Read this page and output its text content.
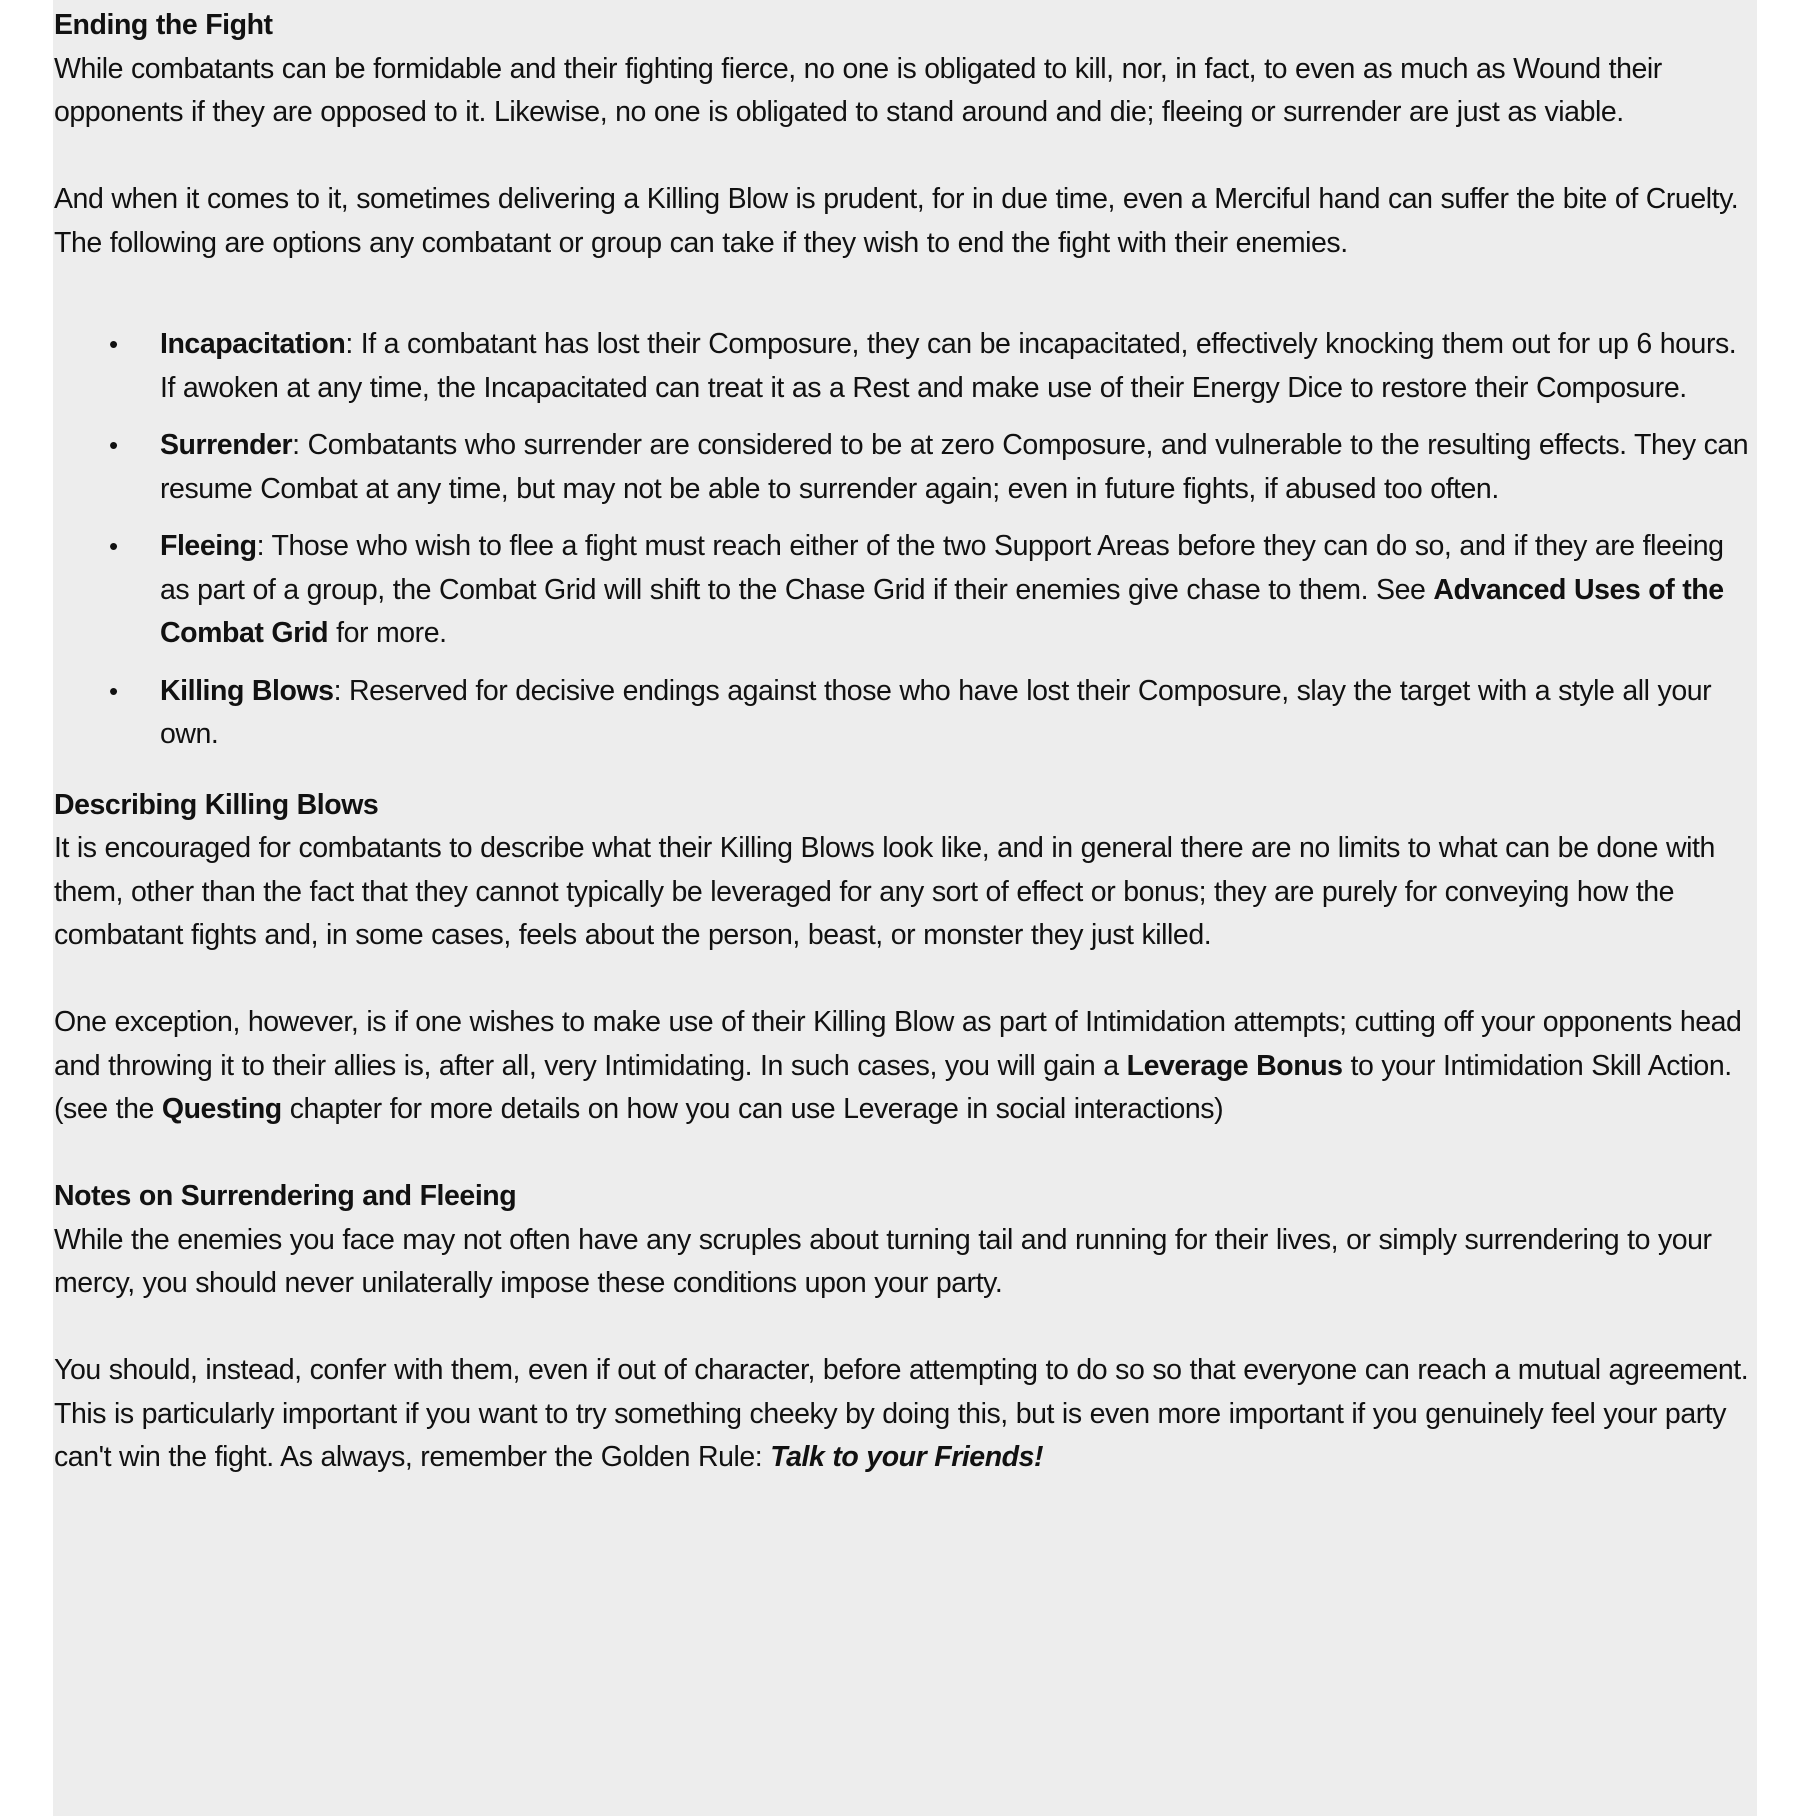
Ending the Fight

While combatants can be formidable and their fighting fierce, no one is obligated to kill, nor, in fact, to even as much as Wound their opponents if they are opposed to it. Likewise, no one is obligated to stand around and die; fleeing or surrender are just as viable.

And when it comes to it, sometimes delivering a Killing Blow is prudent, for in due time, even a Merciful hand can suffer the bite of Cruelty. The following are options any combatant or group can take if they wish to end the fight with their enemies.

• Incapacitation: If a combatant has lost their Composure, they can be incapacitated, effectively knocking them out for up 6 hours. If awoken at any time, the Incapacitated can treat it as a Rest and make use of their Energy Dice to restore their Composure.
• Surrender: Combatants who surrender are considered to be at zero Composure, and vulnerable to the resulting effects. They can resume Combat at any time, but may not be able to surrender again; even in future fights, if abused too often.
• Fleeing: Those who wish to flee a fight must reach either of the two Support Areas before they can do so, and if they are fleeing as part of a group, the Combat Grid will shift to the Chase Grid if their enemies give chase to them. See Advanced Uses of the Combat Grid for more.
• Killing Blows: Reserved for decisive endings against those who have lost their Composure, slay the target with a style all your own.
Describing Killing Blows

It is encouraged for combatants to describe what their Killing Blows look like, and in general there are no limits to what can be done with them, other than the fact that they cannot typically be leveraged for any sort of effect or bonus; they are purely for conveying how the combatant fights and, in some cases, feels about the person, beast, or monster they just killed.

One exception, however, is if one wishes to make use of their Killing Blow as part of Intimidation attempts; cutting off your opponents head and throwing it to their allies is, after all, very Intimidating. In such cases, you will gain a Leverage Bonus to your Intimidation Skill Action. (see the Questing chapter for more details on how you can use Leverage in social interactions)

Notes on Surrendering and Fleeing

While the enemies you face may not often have any scruples about turning tail and running for their lives, or simply surrendering to your mercy, you should never unilaterally impose these conditions upon your party.

You should, instead, confer with them, even if out of character, before attempting to do so so that everyone can reach a mutual agreement. This is particularly important if you want to try something cheeky by doing this, but is even more important if you genuinely feel your party can't win the fight. As always, remember the Golden Rule: Talk to your Friends!
